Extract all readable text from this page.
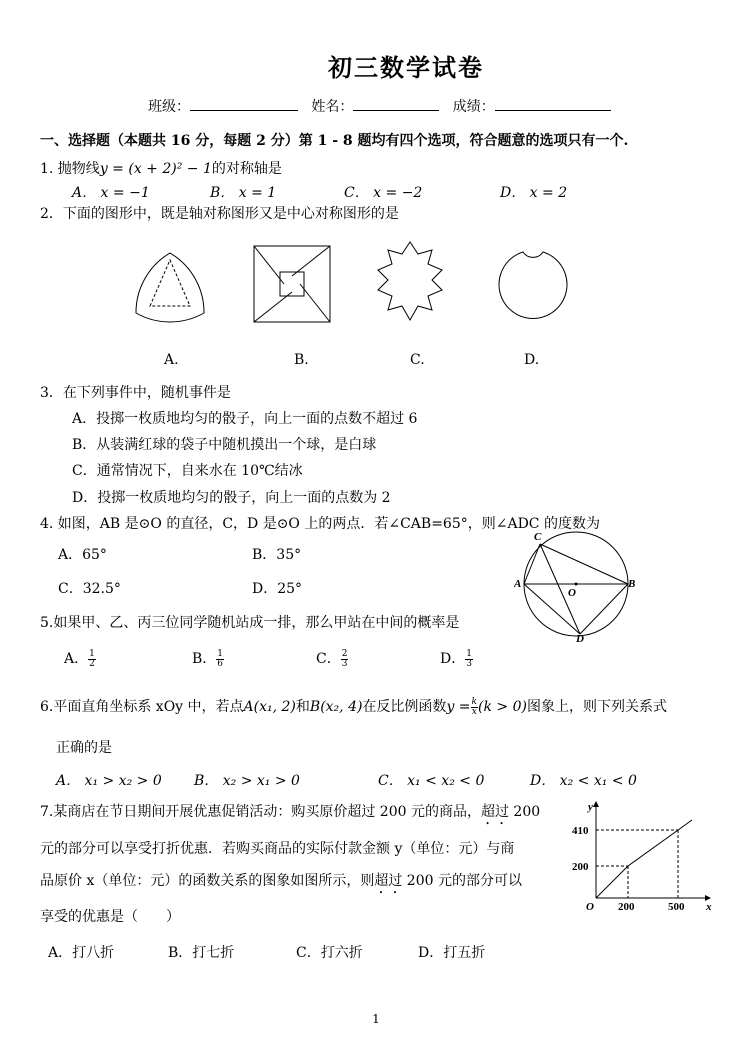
初三数学试卷
班级：	姓名：	成绩：
一、选择题（本题共 16 分，每题 2 分）第 1 - 8 题均有四个选项，符合题意的选项只有一个.
1. 抛物线y = (x + 2)² − 1的对称轴是
A． x = −1	B． x = 1	C． x = −2	D． x = 2
2．下面的图形中，既是轴对称图形又是中心对称图形的是
A.	B.	C.	D.
3．在下列事件中，随机事件是
A．投掷一枚质地均匀的骰子，向上一面的点数不超过 6
B．从装满红球的袋子中随机摸出一个球，是白球
C．通常情况下，自来水在 10℃结冰
D．投掷一枚质地均匀的骰子，向上一面的点数为 2
4. 如图，AB 是⊙O 的直径，C，D 是⊙O 上的两点．若∠CAB=65°，则∠ADC 的度数为
A．65°	B．35°
C．32.5°	D．25°
C
A
O
B
D
5.如果甲、乙、丙三位同学随机站成一排，那么甲站在中间的概率是
A． $\frac{1}{2}$	B． $\frac{1}{6}$	C． $\frac{2}{3}$	D． $\frac{1}{3}$
6.平面直角坐标系 xOy 中，若点A(x₁, 2)和B(x₂, 4)在反比例函数$y = \frac{k}{x} (k > 0)$图象上，则下列关系式
正确的是
A． x₁ > x₂ > 0 B． x₂ > x₁ > 0	C． x₁ < x₂ < 0	D． x₂ < x₁ < 0
7.某商店在节日期间开展优惠促销活动：购买原价超过 200 元的商品，超过 200
元的部分可以享受打折优惠．若购买商品的实际付款金额 y（单位：元）与商
品原价 x（单位：元）的函数关系的图象如图所示，则超过 200 元的部分可以
享受的优惠是（　　）
A．打八折	B．打七折	C．打六折	D．打五折
y
x
O
410
200
200	500
1
